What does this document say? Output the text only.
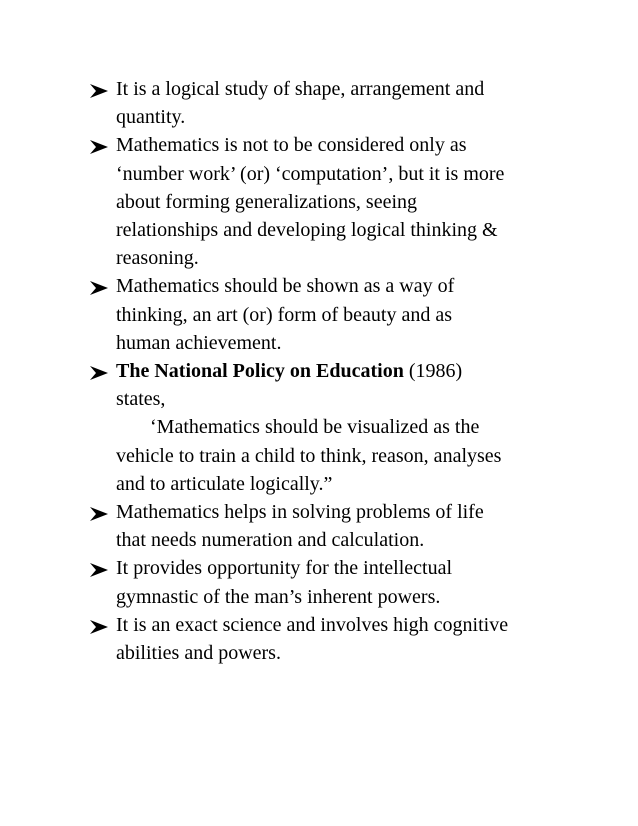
It is a logical study of shape, arrangement and
quantity.
Mathematics is not to be considered only as
‘number work’ (or) ‘computation’, but it is more
about forming generalizations, seeing
relationships and developing logical thinking &
reasoning.
Mathematics should be shown as a way of
thinking, an art (or) form of beauty and as
human achievement.
The National Policy on Education (1986)
states,
‘Mathematics should be visualized as the
vehicle to train a child to think, reason, analyses
and to articulate logically.”
Mathematics helps in solving problems of life
that needs numeration and calculation.
It provides opportunity for the intellectual
gymnastic of the man’s inherent powers.
It is an exact science and involves high cognitive
abilities and powers.
